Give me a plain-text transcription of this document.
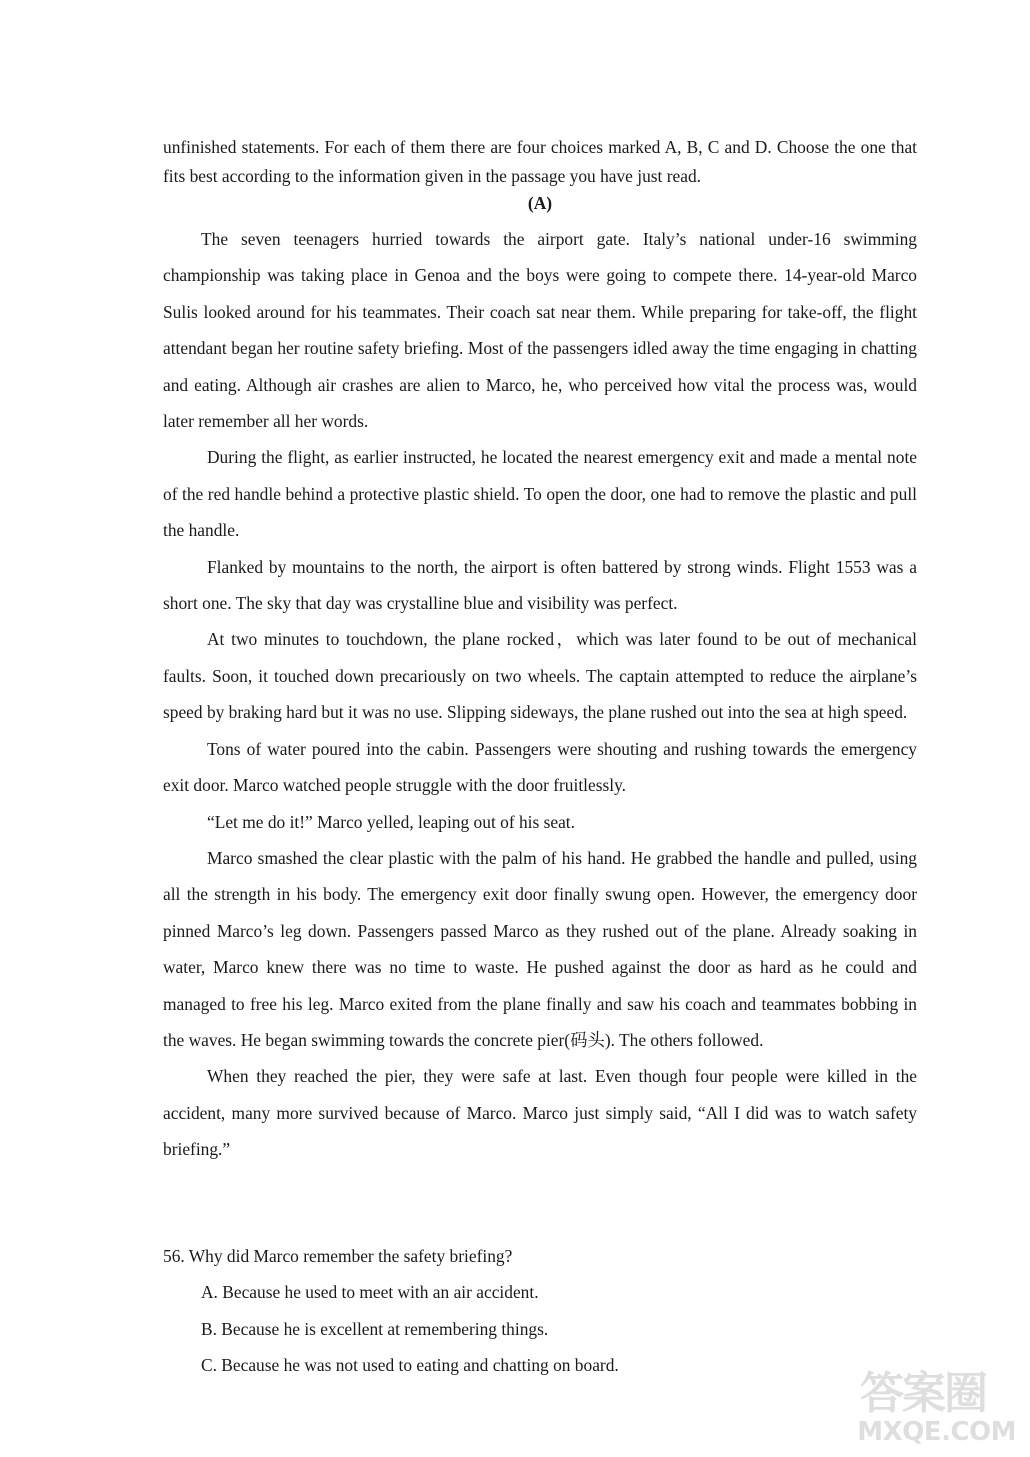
unfinished statements. For each of them there are four choices marked A, B, C and D. Choose the one that fits best according to the information given in the passage you have just read.
(A)

The seven teenagers hurried towards the airport gate. Italy’s national under-16 swimming championship was taking place in Genoa and the boys were going to compete there. 14-year-old Marco Sulis looked around for his teammates. Their coach sat near them. While preparing for take-off, the flight attendant began her routine safety briefing. Most of the passengers idled away the time engaging in chatting and eating. Although air crashes are alien to Marco, he, who perceived how vital the process was, would later remember all her words.

During the flight, as earlier instructed, he located the nearest emergency exit and made a mental note of the red handle behind a protective plastic shield. To open the door, one had to remove the plastic and pull the handle.

Flanked by mountains to the north, the airport is often battered by strong winds. Flight 1553 was a short one. The sky that day was crystalline blue and visibility was perfect.

At two minutes to touchdown, the plane rocked，which was later found to be out of mechanical faults. Soon, it touched down precariously on two wheels. The captain attempted to reduce the airplane’s speed by braking hard but it was no use. Slipping sideways, the plane rushed out into the sea at high speed.

Tons of water poured into the cabin. Passengers were shouting and rushing towards the emergency exit door. Marco watched people struggle with the door fruitlessly.

“Let me do it!” Marco yelled, leaping out of his seat.

Marco smashed the clear plastic with the palm of his hand. He grabbed the handle and pulled, using all the strength in his body. The emergency exit door finally swung open. However, the emergency door pinned Marco’s leg down. Passengers passed Marco as they rushed out of the plane. Already soaking in water, Marco knew there was no time to waste. He pushed against the door as hard as he could and managed to free his leg. Marco exited from the plane finally and saw his coach and teammates bobbing in the waves. He began swimming towards the concrete pier(码头). The others followed.

When they reached the pier, they were safe at last. Even though four people were killed in the accident, many more survived because of Marco. Marco just simply said, “All I did was to watch safety briefing.”

56. Why did Marco remember the safety briefing?

A. Because he used to meet with an air accident.

B. Because he is excellent at remembering things.

C. Because he was not used to eating and chatting on board.

答案圈
MXQE.COM
